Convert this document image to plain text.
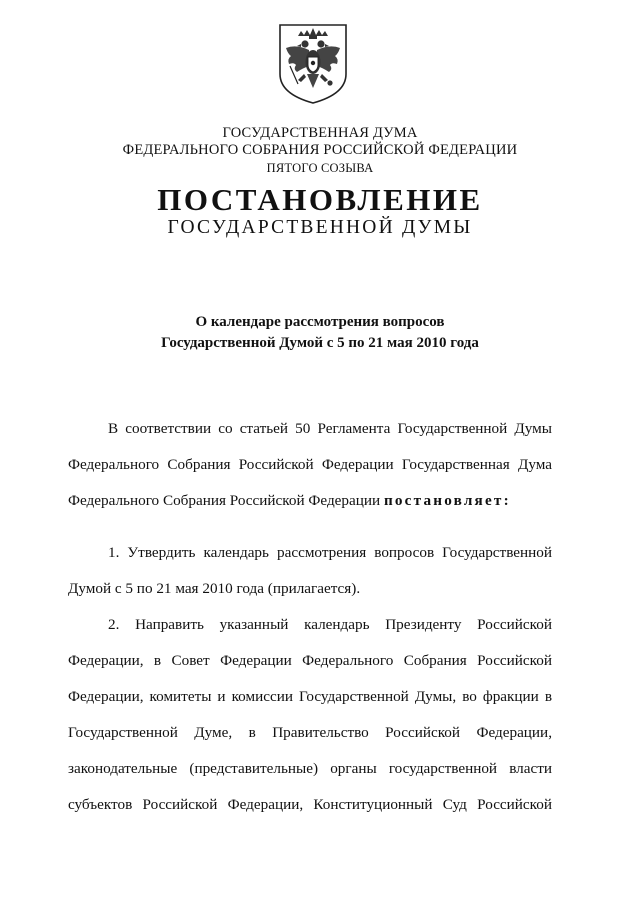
ГОСУДАРСТВЕННАЯ ДУМА
ФЕДЕРАЛЬНОГО СОБРАНИЯ РОССИЙСКОЙ ФЕДЕРАЦИИ
ПЯТОГО СОЗЫВА
ПОСТАНОВЛЕНИЕ
ГОСУДАРСТВЕННОЙ ДУМЫ
О календаре рассмотрения вопросов
Государственной Думой с 5 по 21 мая 2010 года
В соответствии со статьей 50 Регламента Государственной Думы
Федерального Собрания Российской Федерации Государственная Дума
Федерального Собрания Российской Федерации постановляет:
1. Утвердить календарь рассмотрения вопросов Государственной
Думой с 5 по 21 мая 2010 года (прилагается).
2. Направить указанный календарь Президенту Российской
Федерации, в Совет Федерации Федерального Собрания Российской
Федерации, комитеты и комиссии Государственной Думы, во фракции в
Государственной Думе, в Правительство Российской Федерации,
законодательные (представительные) органы государственной власти
субъектов Российской Федерации, Конституционный Суд Российской
